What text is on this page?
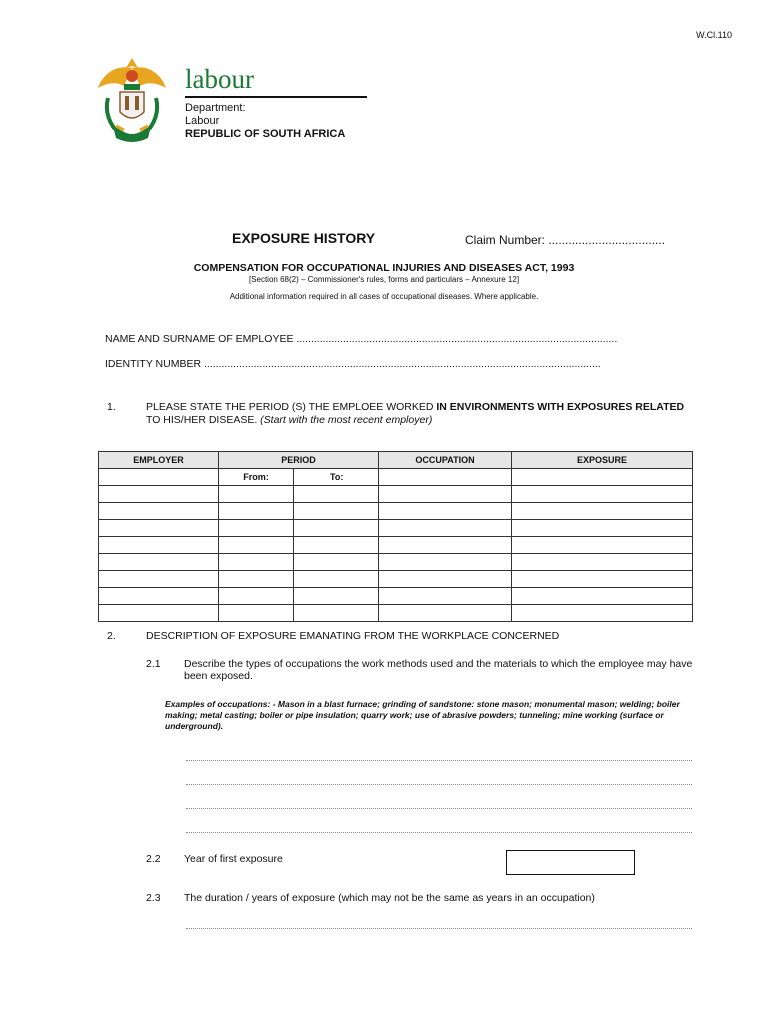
W.Cl.110
labour
Department:
Labour
REPUBLIC OF SOUTH AFRICA
EXPOSURE HISTORY	Claim Number: ...................................
COMPENSATION FOR OCCUPATIONAL INJURIES AND DISEASES ACT, 1993
[Section 68(2) – Commissioner's rules, forms and particulars – Annexure 12]
Additional information required in all cases of occupational diseases. Where applicable.
NAME AND SURNAME OF EMPLOYEE ..............................................................................................................
IDENTITY NUMBER ........................................................................................................................................
1.	PLEASE STATE THE PERIOD (S) THE EMPLOEE WORKED IN ENVIRONMENTS WITH EXPOSURES RELATED TO HIS/HER DISEASE. (Start with the most recent employer)
EMPLOYER	PERIOD		OCCUPATION	EXPOSURE
	From:	To:		

2.	DESCRIPTION OF EXPOSURE EMANATING FROM THE WORKPLACE CONCERNED
2.1 Describe the types of occupations the work methods used and the materials to which the employee may have been exposed.
Examples of occupations: - Mason in a blast furnace; grinding of sandstone: stone mason; monumental mason; welding; boiler making; metal casting; boiler or pipe insulation; quarry work; use of abrasive powders; tunneling; mine working (surface or underground).
2.2 Year of first exposure
2.3 The duration / years of exposure (which may not be the same as years in an occupation)
